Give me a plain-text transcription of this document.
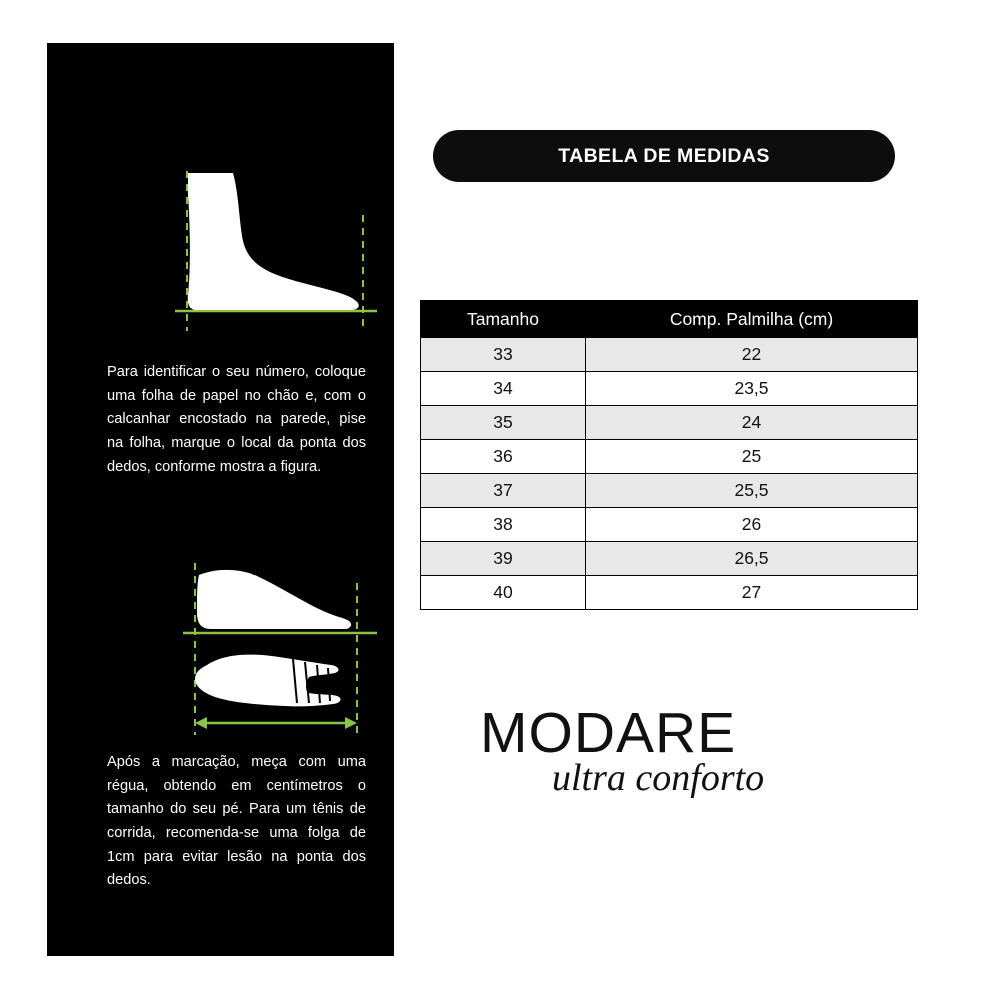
Para identificar o seu número, coloque uma folha de papel no chão e, com o calcanhar encostado na parede, pise na folha, marque o local da ponta dos dedos, conforme mostra a figura.
Após a marcação, meça com uma régua, obtendo em centímetros o tamanho do seu pé. Para um tênis de corrida, recomenda-se uma folga de 1cm para evitar lesão na ponta dos dedos.
TABELA DE MEDIDAS
Tamanho	Comp. Palmilha (cm)
33	22
34	23,5
35	24
36	25
37	25,5
38	26
39	26,5
40	27
MODARE
ultra conforto
